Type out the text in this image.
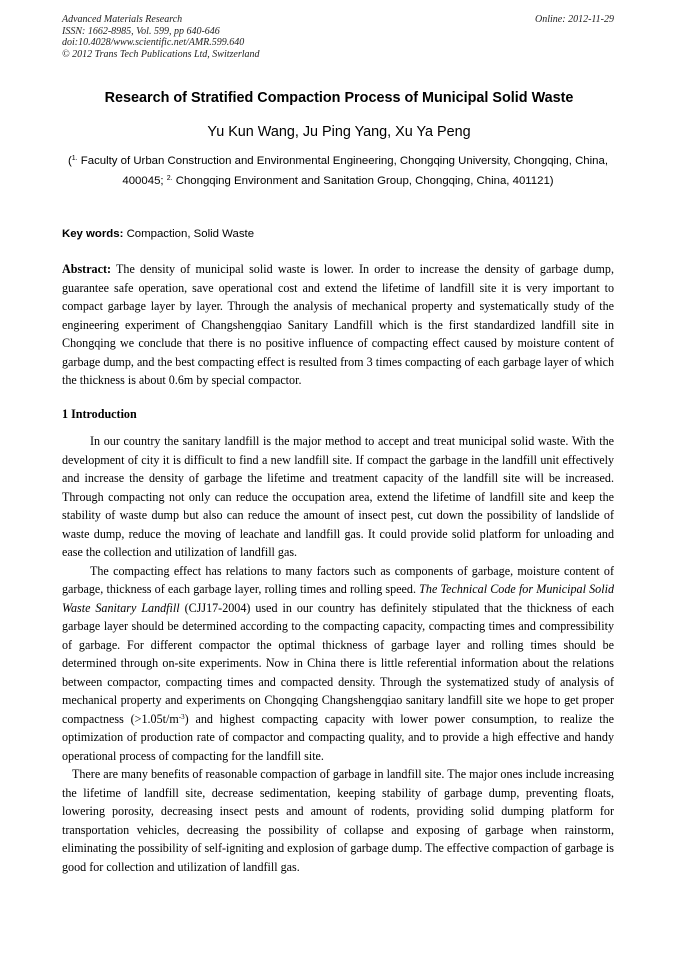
Advanced Materials Research
ISSN: 1662-8985, Vol. 599, pp 640-646
doi:10.4028/www.scientific.net/AMR.599.640
© 2012 Trans Tech Publications Ltd, Switzerland
Online: 2012-11-29
Research of Stratified Compaction Process of Municipal Solid Waste
Yu Kun Wang, Ju Ping Yang, Xu Ya Peng
($^{1.}$ Faculty of Urban Construction and Environmental Engineering, Chongqing University, Chongqing, China, 400045; $^{2.}$ Chongqing Environment and Sanitation Group, Chongqing, China, 401121)
Key words: Compaction, Solid Waste

Abstract: The density of municipal solid waste is lower. In order to increase the density of garbage dump, guarantee safe operation, save operational cost and extend the lifetime of landfill site it is very important to compact garbage layer by layer. Through the analysis of mechanical property and systematically study of the engineering experiment of Changshengqiao Sanitary Landfill which is the first standardized landfill site in Chongqing we conclude that there is no positive influence of compacting effect caused by moisture content of garbage dump, and the best compacting effect is resulted from 3 times compacting of each garbage layer of which the thickness is about 0.6m by special compactor.

1 Introduction

In our country the sanitary landfill is the major method to accept and treat municipal solid waste. With the development of city it is difficult to find a new landfill site. If compact the garbage in the landfill unit effectively and increase the density of garbage the lifetime and treatment capacity of the landfill site will be increased. Through compacting not only can reduce the occupation area, extend the lifetime of landfill site and keep the stability of waste dump but also can reduce the amount of insect pest, cut down the possibility of landslide of waste dump, reduce the moving of leachate and landfill gas. It could provide solid platform for unloading and ease the collection and utilization of landfill gas.

The compacting effect has relations to many factors such as components of garbage, moisture content of garbage, thickness of each garbage layer, rolling times and rolling speed. The Technical Code for Municipal Solid Waste Sanitary Landfill (CJJ17-2004) used in our country has definitely stipulated that the thickness of each garbage layer should be determined according to the compacting capacity, compacting times and compressibility of garbage. For different compactor the optimal thickness of garbage layer and rolling times should be determined through on-site experiments. Now in China there is little referential information about the relations between compactor, compacting times and compacted density. Through the systematized study of analysis of mechanical property and experiments on Chongqing Changshengqiao sanitary landfill site we hope to get proper compactness $(>1.05t/m^{-3})$ and highest compacting capacity with lower power consumption, to realize the optimization of production rate of compactor and compacting quality, and to provide a high effective and handy operational process of compacting for the landfill site.

There are many benefits of reasonable compaction of garbage in landfill site. The major ones include increasing the lifetime of landfill site, decrease sedimentation, keeping stability of garbage dump, preventing floats, lowering porosity, decreasing insect pests and amount of rodents, providing solid dumping platform for transportation vehicles, decreasing the possibility of collapse and exposing of garbage when rainstorm, eliminating the possibility of self-igniting and explosion of garbage dump. The effective compaction of garbage is good for collection and utilization of landfill gas.
